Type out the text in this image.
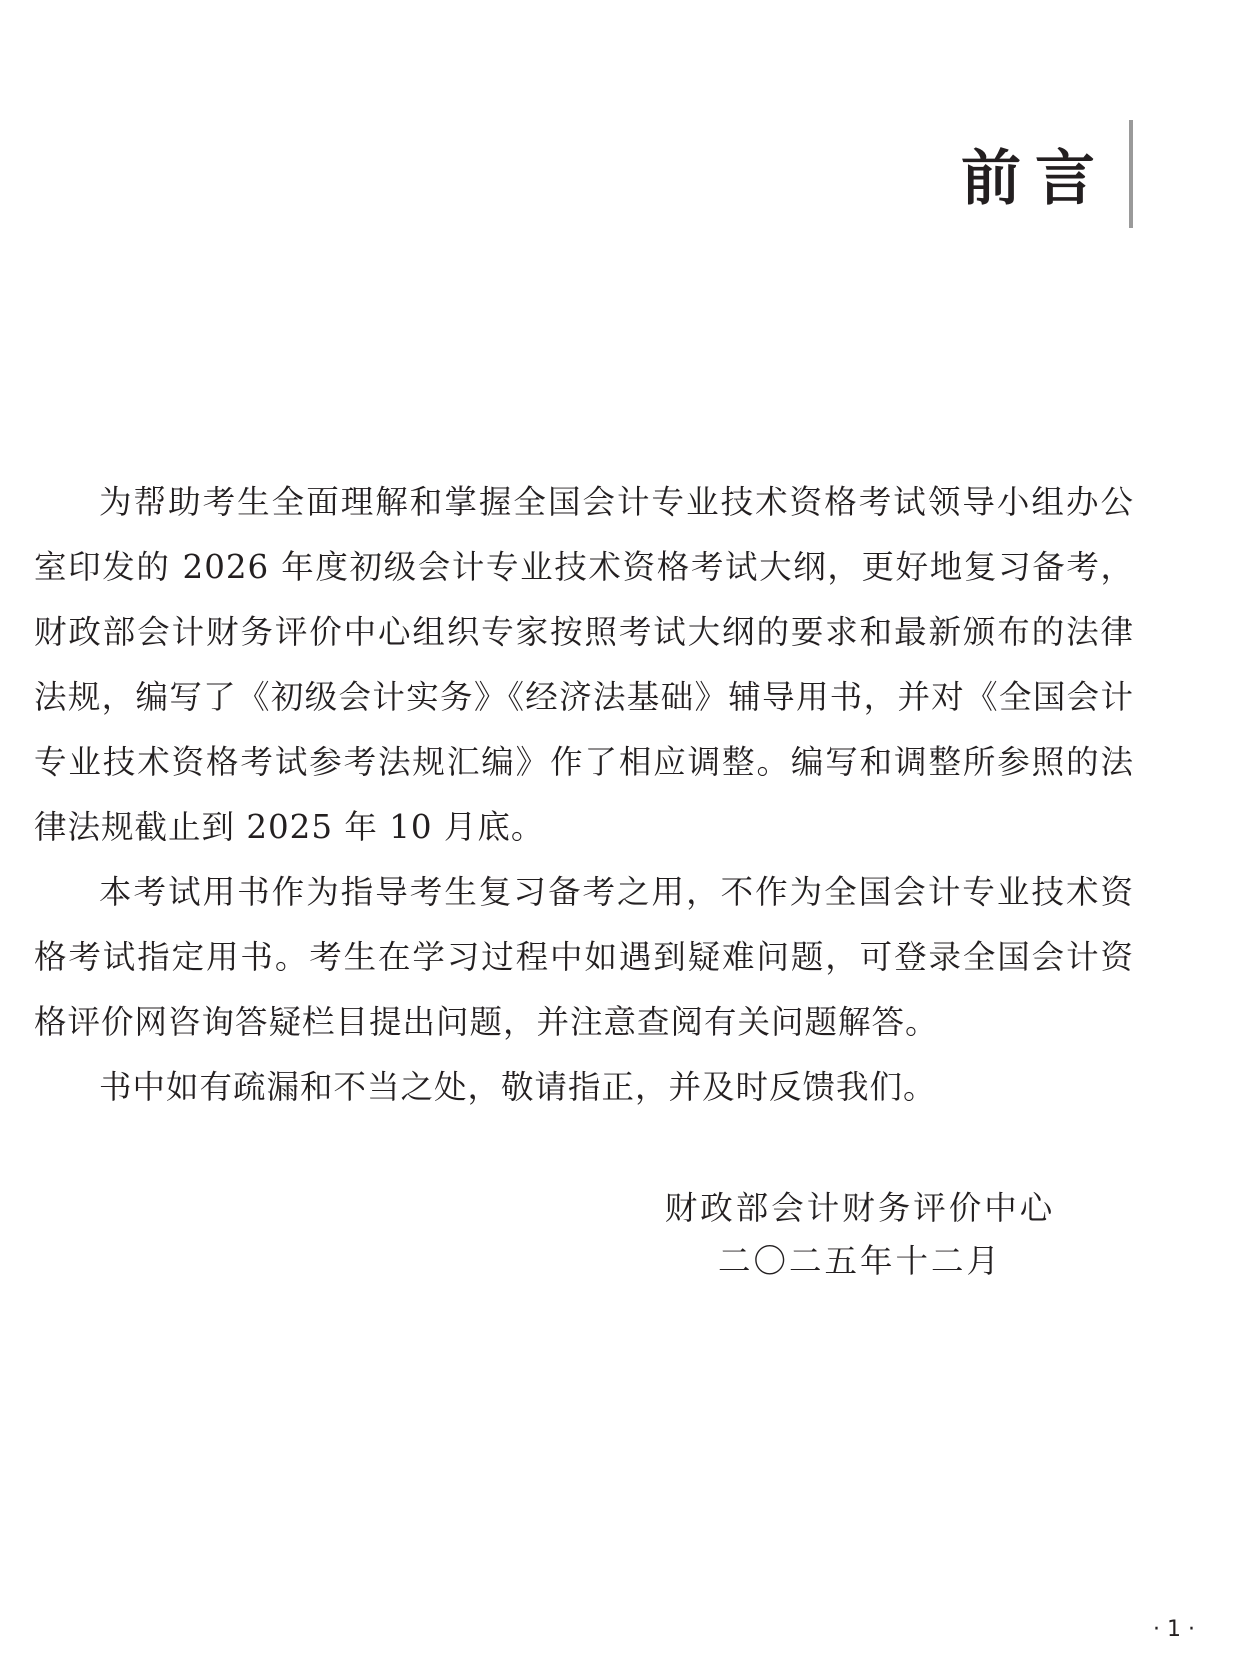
前言

为帮助考生全面理解和掌握全国会计专业技术资格考试领导小组办公室印发的 2026 年度初级会计专业技术资格考试大纲，更好地复习备考，财政部会计财务评价中心组织专家按照考试大纲的要求和最新颁布的法律法规，编写了《初级会计实务》《经济法基础》辅导用书，并对《全国会计专业技术资格考试参考法规汇编》作了相应调整。编写和调整所参照的法律法规截止到 2025 年 10 月底。

本考试用书作为指导考生复习备考之用，不作为全国会计专业技术资格考试指定用书。考生在学习过程中如遇到疑难问题，可登录全国会计资格评价网咨询答疑栏目提出问题，并注意查阅有关问题解答。

书中如有疏漏和不当之处，敬请指正，并及时反馈我们。

财政部会计财务评价中心
二〇二五年十二月
· 1 ·
